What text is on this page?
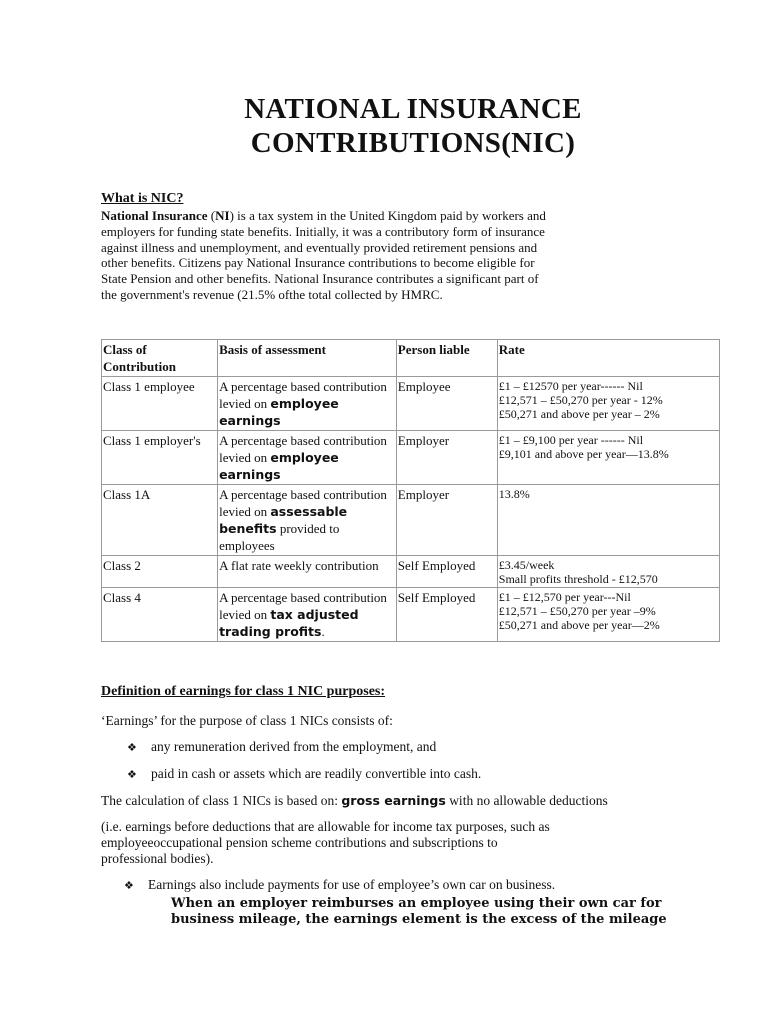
NATIONAL INSURANCE
CONTRIBUTIONS(NIC)
What is NIC?
National Insurance (NI) is a tax system in the United Kingdom paid by workers and
employers for funding state benefits. Initially, it was a contributory form of insurance
against illness and unemployment, and eventually provided retirement pensions and
other benefits. Citizens pay National Insurance contributions to become eligible for
State Pension and other benefits. National Insurance contributes a significant part of
the government's revenue (21.5% ofthe total collected by HMRC.
Class of Contribution	Basis of assessment	Person liable	Rate
Class 1 employee	A percentage based contribution levied on employee earnings	Employee	£1 – £12570 per year------ Nil
£12,571 – £50,270 per year - 12%
£50,271 and above per year – 2%

Class 1 employer's	A percentage based contribution levied on employee earnings	Employer	£1 – £9,100 per year ------ Nil
£9,101 and above per year—13.8%

Class 1A	A percentage based contribution levied on assessable benefits provided to employees	Employer	13.8%

Class 2	A flat rate weekly contribution	Self Employed	£3.45/week
Small profits threshold - £12,570

Class 4	A percentage based contribution levied on tax adjusted trading profits.	Self Employed	£1 – £12,570 per year---Nil
£12,571 – £50,270 per year –9%
£50,271 and above per year—2%
Definition of earnings for class 1 NIC purposes:
‘Earnings’ for the purpose of class 1 NICs consists of:
❖ any remuneration derived from the employment, and
❖ paid in cash or assets which are readily convertible into cash.
The calculation of class 1 NICs is based on: gross earnings with no allowable deductions
(i.e. earnings before deductions that are allowable for income tax purposes, such as
employeeoccupational pension scheme contributions and subscriptions to
professional bodies).
❖ Earnings also include payments for use of employee’s own car on business.
When an employer reimburses an employee using their own car for
business mileage, the earnings element is the excess of the mileage
